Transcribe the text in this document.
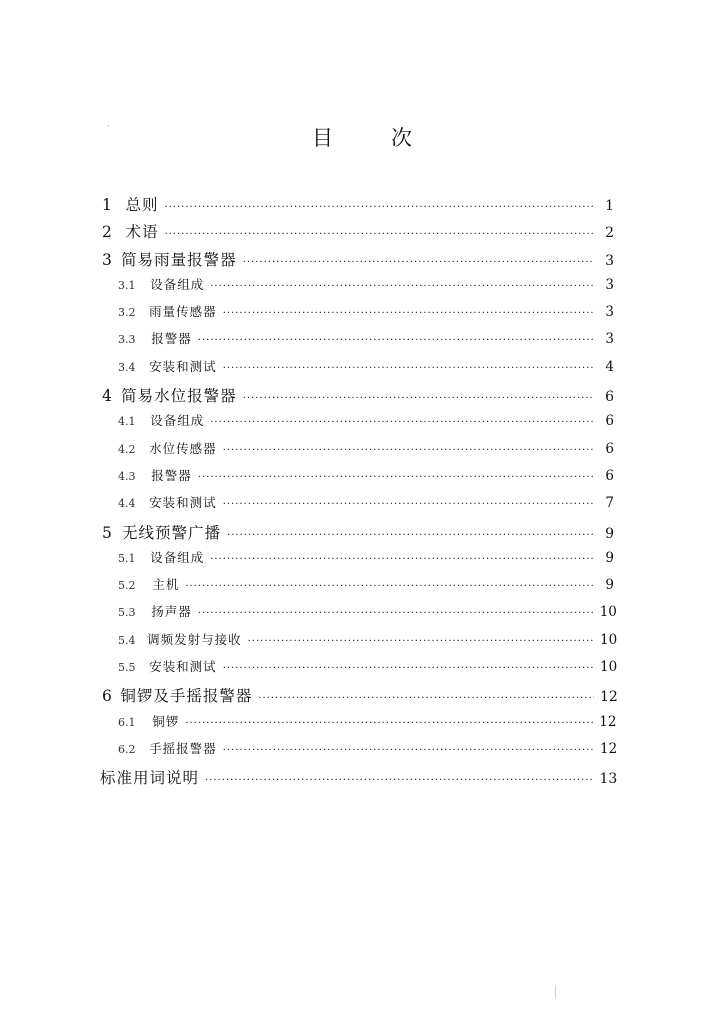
目	次
1 总则 ·····	1
2 术语 ·····	2
3 简易雨量报警器 ·····	3
3.1	设备组成 ·····	3
3.2	雨量传感器 ·····	3
3.3	报警器 ·····	3
3.4	安装和测试 ·····	4
4 简易水位报警器 ·····	6
4.1	设备组成 ·····	6
4.2	水位传感器 ·····	6
4.3	报警器 ·····	6
4.4	安装和测试 ·····	7
5 无线预警广播 ·····	9
5.1	设备组成 ·····	9
5.2	主机 ·····	9
5.3	扬声器 ·····	10
5.4 调频发射与接收 ·····	10
5.5	安装和测试 ·····	10
6 铜锣及手摇报警器 ·····	12
6.1	铜锣 ·····	12
6.2	手摇报警器 ·····	12
标准用词说明 ·····	13
